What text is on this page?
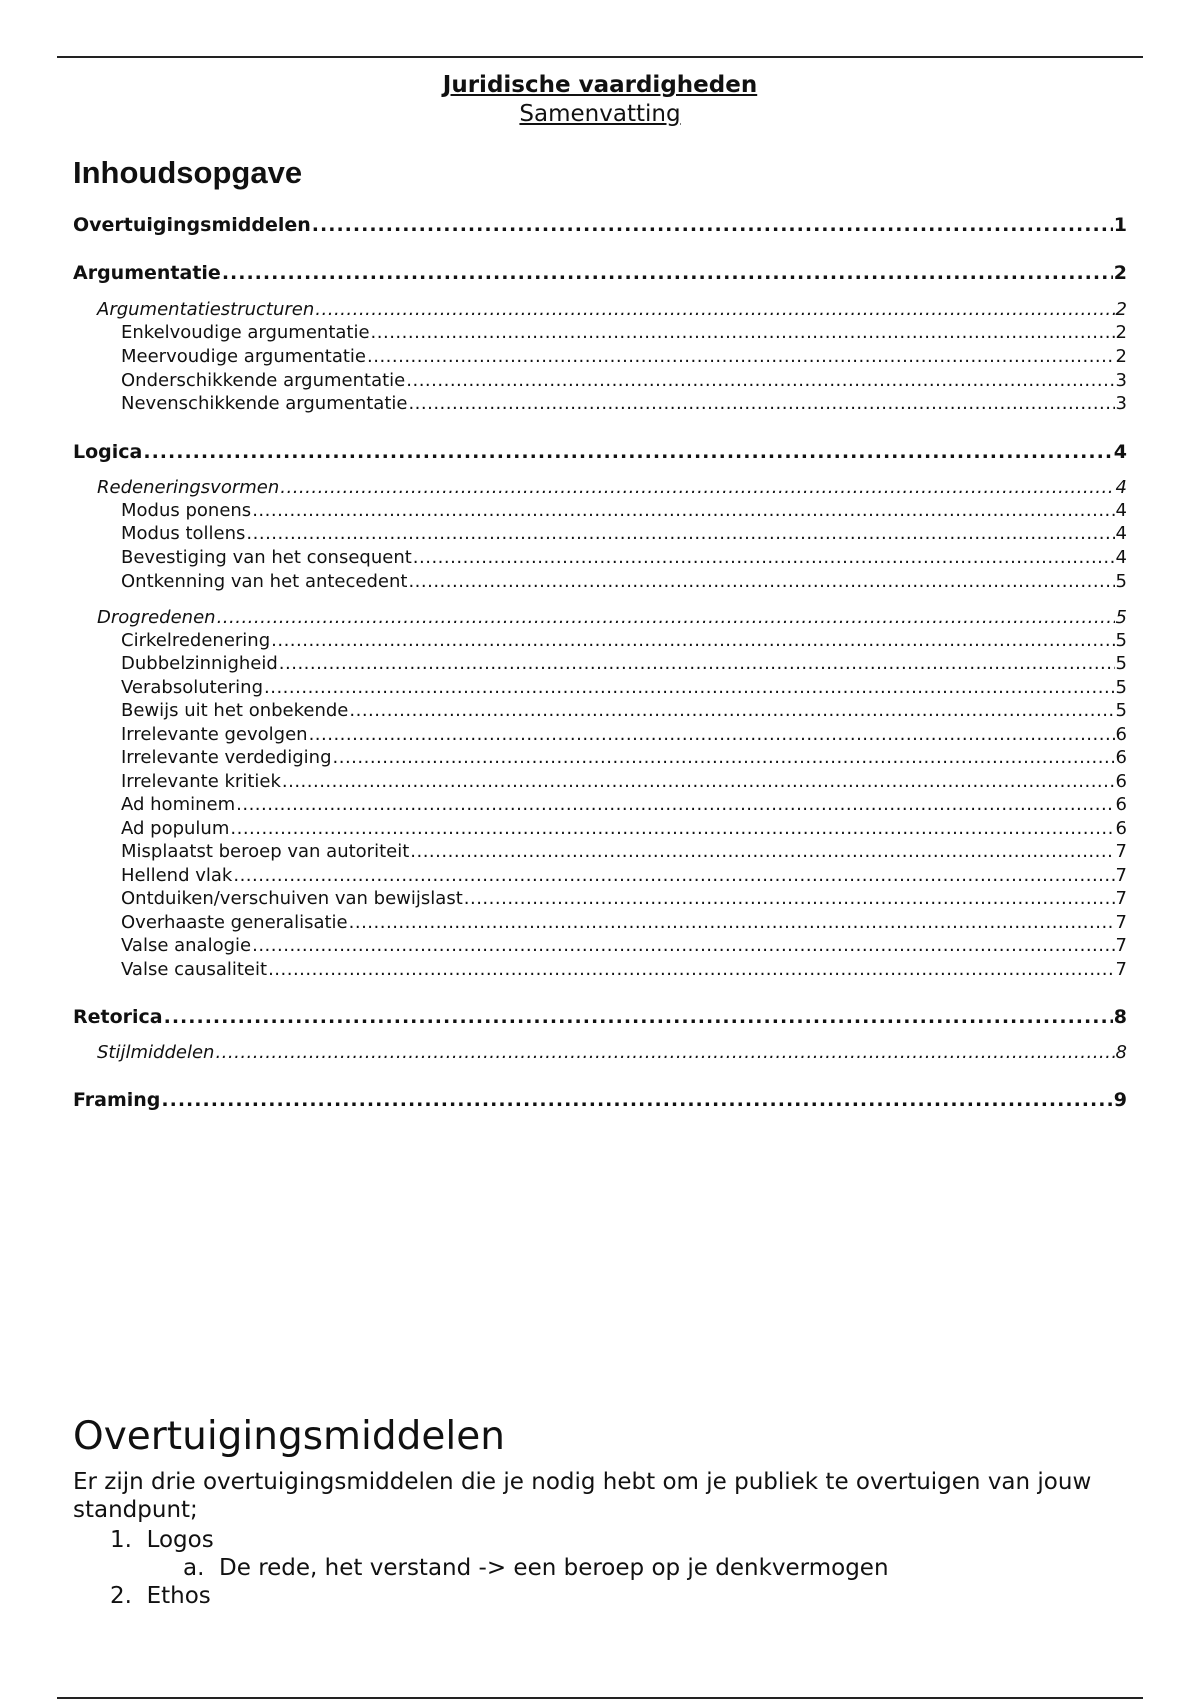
Juridische vaardigheden
Samenvatting
Inhoudsopgave
Overtuigingsmiddelen .....	1
Argumentatie .....	2
Argumentatiestructuren .....	2
Enkelvoudige argumentatie .....	2
Meervoudige argumentatie .....	2
Onderschikkende argumentatie .....	3
Nevenschikkende argumentatie .....	3
Logica .....	4
Redeneringsvormen .....	4
Modus ponens .....	4
Modus tollens .....	4
Bevestiging van het consequent .....	4
Ontkenning van het antecedent .....	5
Drogredenen .....	5
Cirkelredenering .....	5
Dubbelzinnigheid .....	5
Verabsolutering .....	5
Bewijs uit het onbekende .....	5
Irrelevante gevolgen .....	6
Irrelevante verdediging .....	6
Irrelevante kritiek .....	6
Ad hominem .....	6
Ad populum .....	6
Misplaatst beroep van autoriteit .....	7
Hellend vlak .....	7
Ontduiken/verschuiven van bewijslast .....	7
Overhaaste generalisatie .....	7
Valse analogie .....	7
Valse causaliteit .....	7
Retorica .....	8
Stijlmiddelen .....	8
Framing .....	9
Overtuigingsmiddelen
Er zijn drie overtuigingsmiddelen die je nodig hebt om je publiek te overtuigen van jouw standpunt;
1. Logos
a. De rede, het verstand -> een beroep op je denkvermogen
2. Ethos
